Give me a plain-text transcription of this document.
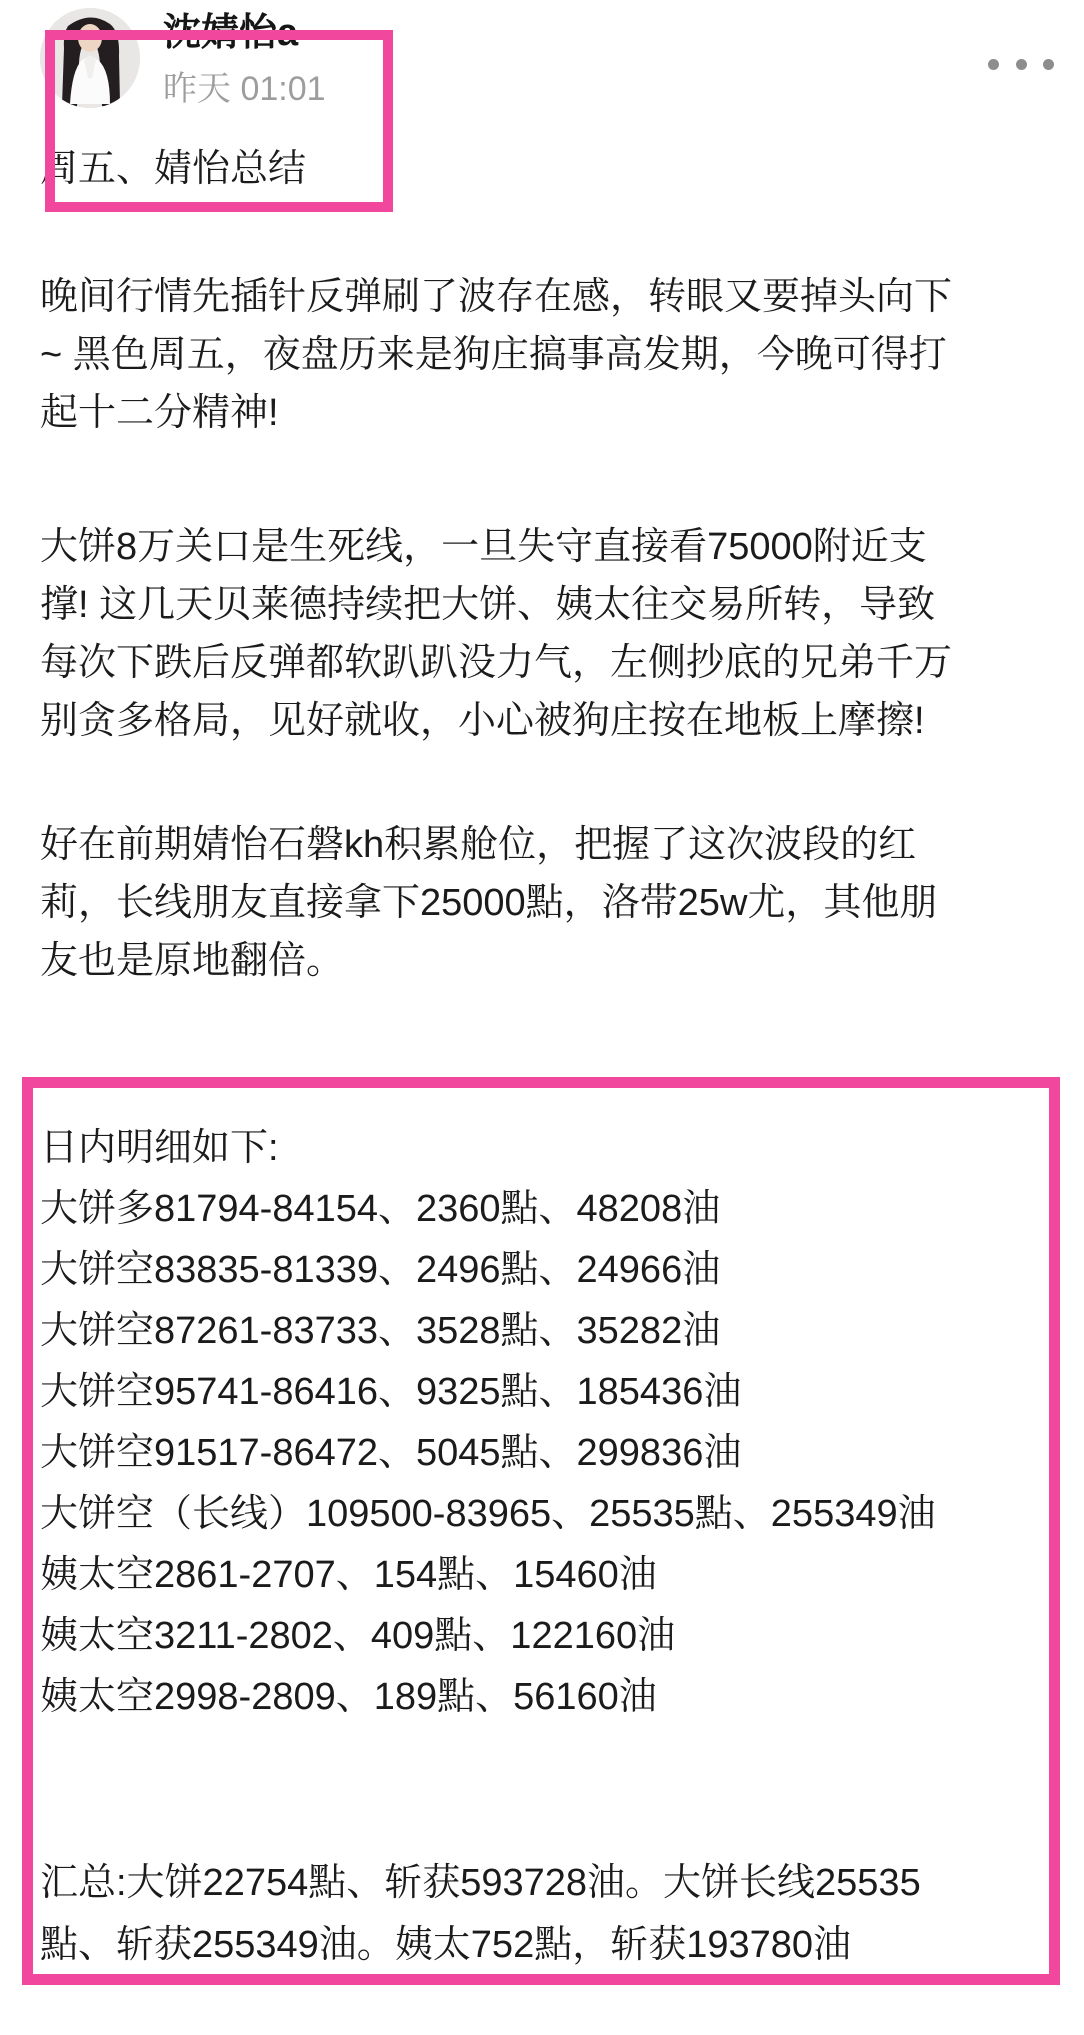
沈婧怡a
昨天 01:01
周五、婧怡总结
晚间行情先插针反弹刷了波存在感，转眼又要掉头向下
~ 黑色周五，夜盘历来是狗庄搞事高发期，今晚可得打
起十二分精神!
大饼8万关口是生死线，一旦失守直接看75000附近支
撑! 这几天贝莱德持续把大饼、姨太往交易所转，导致
每次下跌后反弹都软趴趴没力气，左侧抄底的兄弟千万
别贪多格局，见好就收，小心被狗庄按在地板上摩擦!
好在前期婧怡石磐kh积累舱位，把握了这次波段的红
莉，长线朋友直接拿下25000點，洛带25w尤，其他朋
友也是原地翻倍。
日内明细如下:
大饼多81794-84154、2360點、48208油
大饼空83835-81339、2496點、24966油
大饼空87261-83733、3528點、35282油
大饼空95741-86416、9325點、185436油
大饼空91517-86472、5045點、299836油
大饼空（长线）109500-83965、25535點、255349油
姨太空2861-2707、154點、15460油
姨太空3211-2802、409點、122160油
姨太空2998-2809、189點、56160油
汇总:大饼22754點、斩获593728油。大饼长线25535
點、斩获255349油。姨太752點，斩获193780油
